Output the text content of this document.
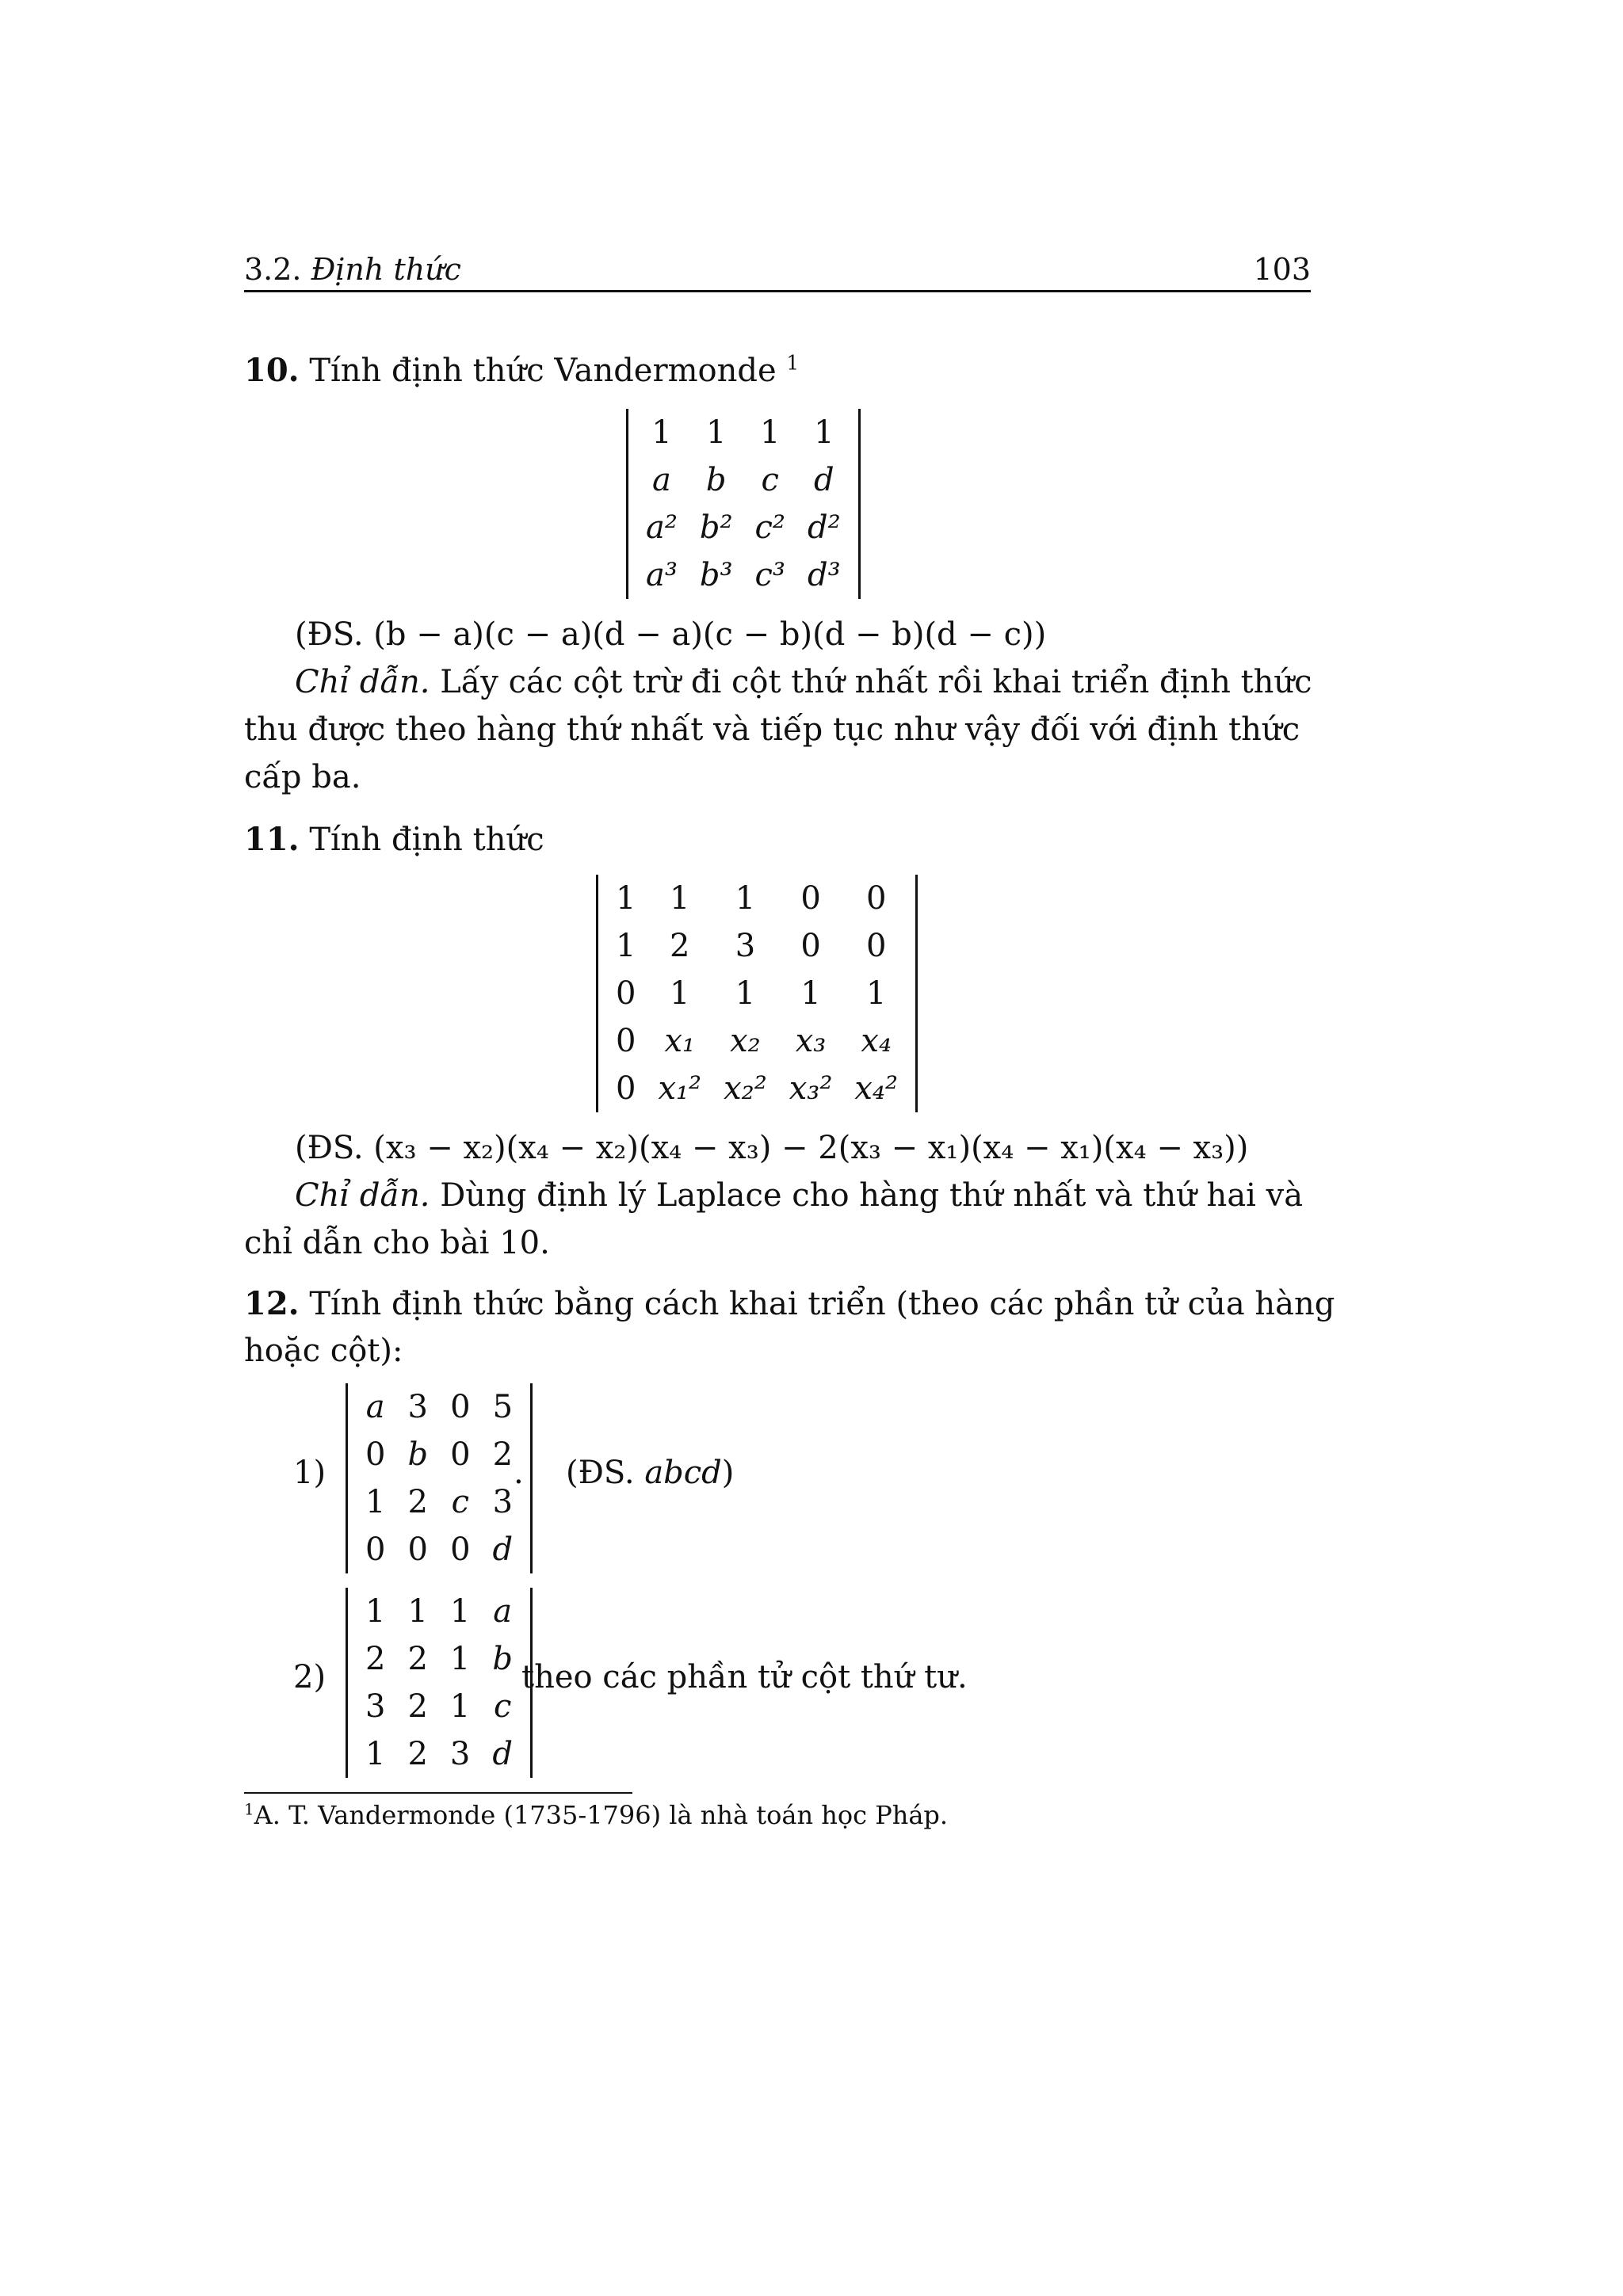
3.2. Định thức	103
10. Tính định thức Vandermonde $^1$
1	1	1	1
a	b	c	d
a²	b²	c²	d²
a³	b³	c³	d³
(ĐS. (b − a)(c − a)(d − a)(c − b)(d − b)(d − c))
Chỉ dẫn. Lấy các cột trừ đi cột thứ nhất rồi khai triển định thức
thu được theo hàng thứ nhất và tiếp tục như vậy đối với định thức
cấp ba.
11. Tính định thức
1	1	1	0	0
1	2	3	0	0
0	1	1	1	1
0	x₁	x₂	x₃	x₄
0	x₁²	x₂²	x₃²	x₄²
(ĐS. (x₃ − x₂)(x₄ − x₂)(x₄ − x₃) − 2(x₃ − x₁)(x₄ − x₁)(x₄ − x₃))
Chỉ dẫn. Dùng định lý Laplace cho hàng thứ nhất và thứ hai và
chỉ dẫn cho bài 10.
12. Tính định thức bằng cách khai triển (theo các phần tử của hàng
hoặc cột):
1)
a	3	0	5
0	b	0	2
1	2	c	3
0	0	0	d
. (ĐS. abcd)
2)
1	1	1	a
2	2	1	b
3	2	1	c
1	2	3	d
theo các phần tử cột thứ tư.
$^1$A. T. Vandermonde (1735-1796) là nhà toán học Pháp.
